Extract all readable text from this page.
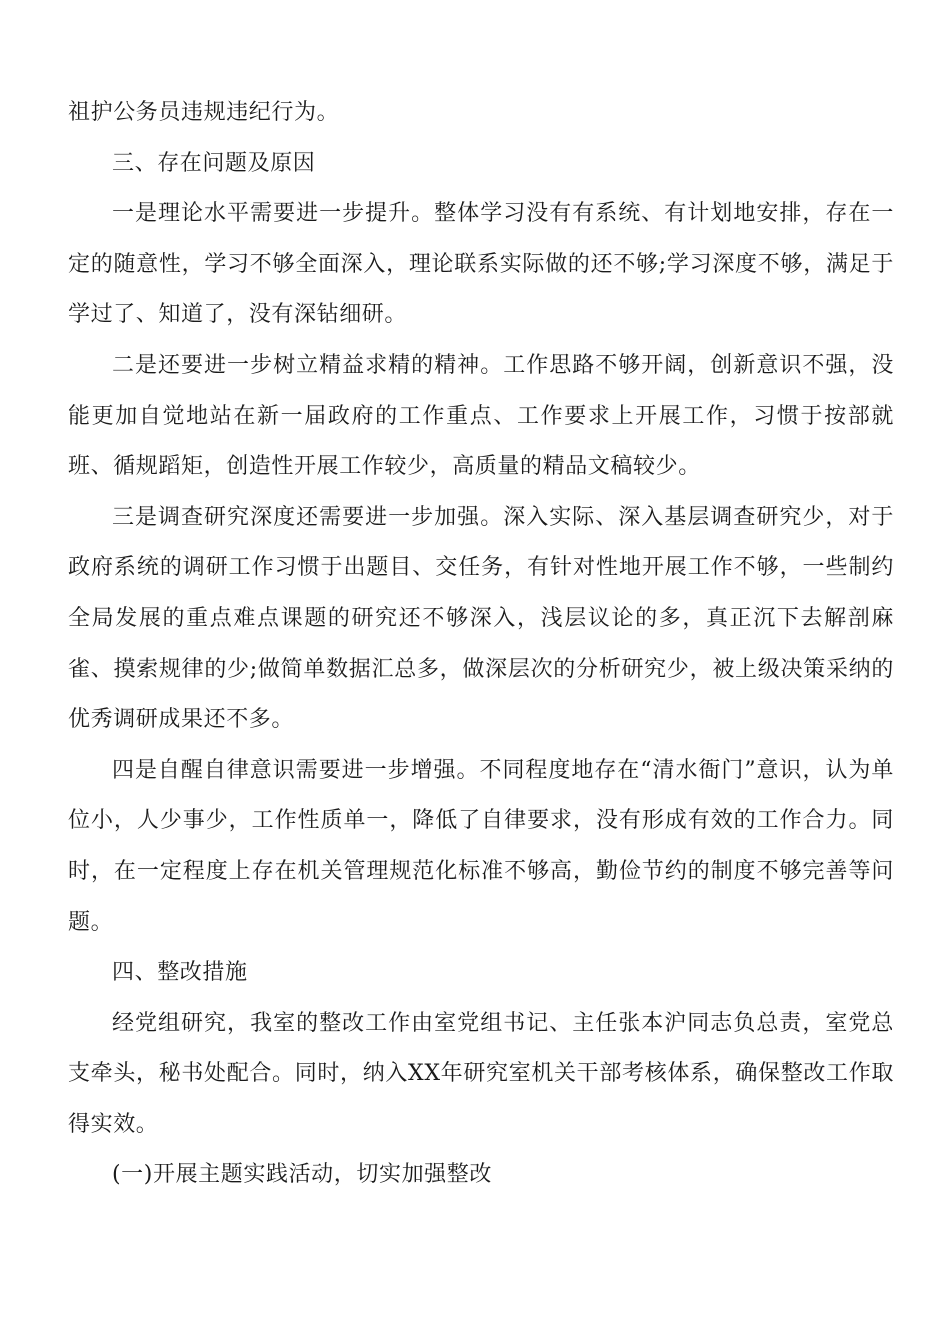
祖护公务员违规违纪行为。

三、存在问题及原因

一是理论水平需要进一步提升。整体学习没有有系统、有计划地安排，存在一定的随意性，学习不够全面深入，理论联系实际做的还不够;学习深度不够，满足于学过了、知道了，没有深钻细研。

二是还要进一步树立精益求精的精神。工作思路不够开阔，创新意识不强，没能更加自觉地站在新一届政府的工作重点、工作要求上开展工作，习惯于按部就班、循规蹈矩，创造性开展工作较少，高质量的精品文稿较少。

三是调查研究深度还需要进一步加强。深入实际、深入基层调查研究少，对于政府系统的调研工作习惯于出题目、交任务，有针对性地开展工作不够，一些制约全局发展的重点难点课题的研究还不够深入，浅层议论的多，真正沉下去解剖麻雀、摸索规律的少;做简单数据汇总多，做深层次的分析研究少，被上级决策采纳的优秀调研成果还不多。

四是自醒自律意识需要进一步增强。不同程度地存在“清水衙门”意识，认为单位小，人少事少，工作性质单一，降低了自律要求，没有形成有效的工作合力。同时，在一定程度上存在机关管理规范化标准不够高，勤俭节约的制度不够完善等问题。

四、整改措施

经党组研究，我室的整改工作由室党组书记、主任张本沪同志负总责，室党总支牵头，秘书处配合。同时，纳入XX年研究室机关干部考核体系，确保整改工作取得实效。

(一)开展主题实践活动，切实加强整改
